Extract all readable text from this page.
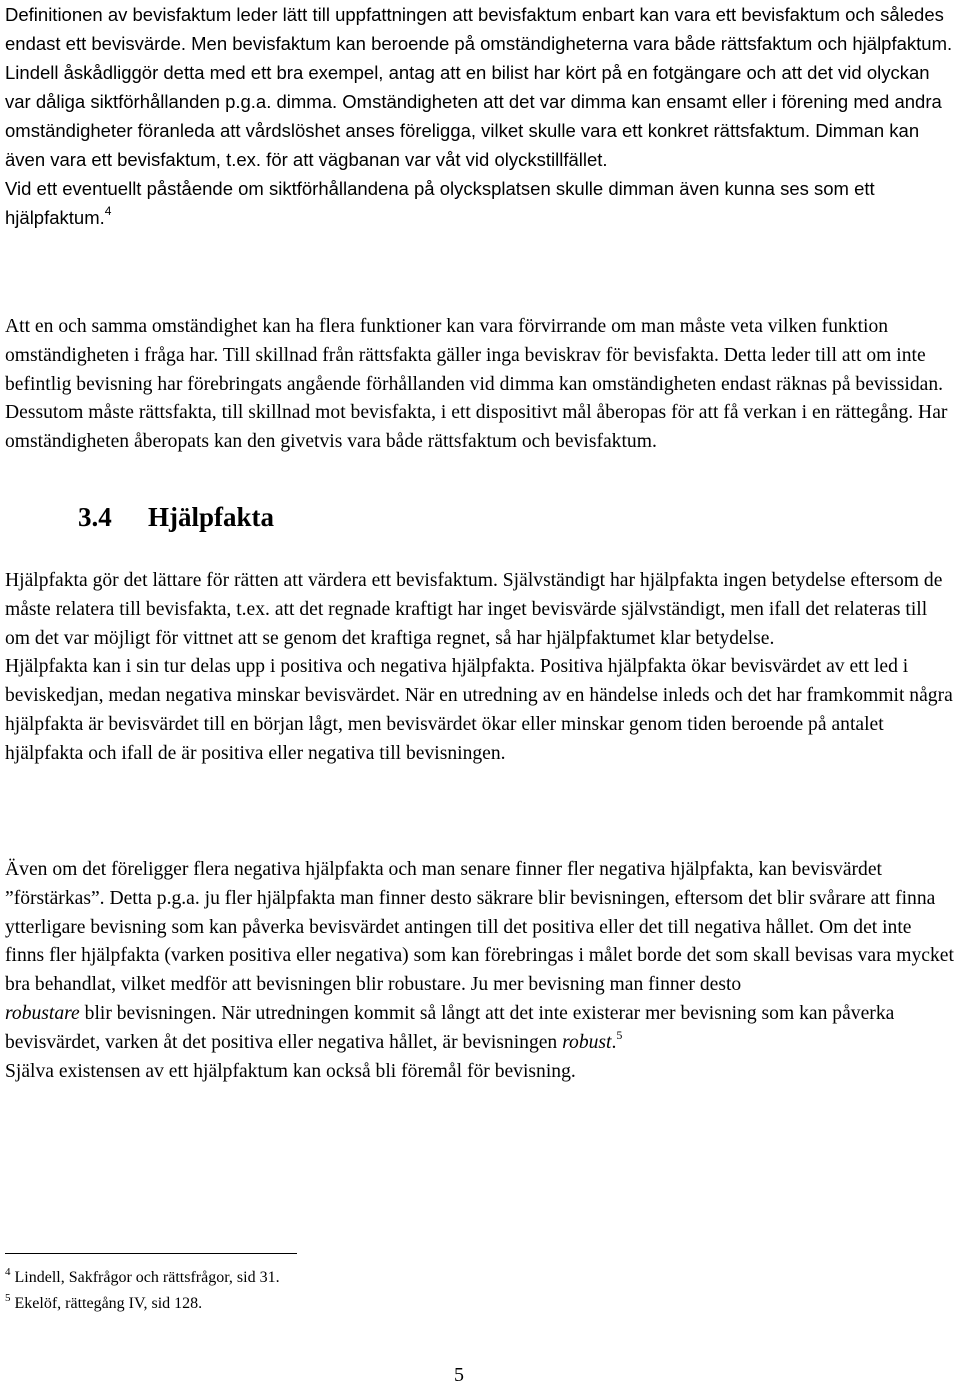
Definitionen av bevisfaktum leder lätt till uppfattningen att bevisfaktum enbart kan vara ett bevisfaktum och således endast ett bevisvärde. Men bevisfaktum kan beroende på omständigheterna vara både rättsfaktum och hjälpfaktum. Lindell åskådliggör detta med ett bra exempel, antag att en bilist har kört på en fotgängare och att det vid olyckan var dåliga siktförhållanden p.g.a. dimma. Omständigheten att det var dimma kan ensamt eller i förening med andra omständigheter föranleda att vårdslöshet anses föreligga, vilket skulle vara ett konkret rättsfaktum. Dimman kan även vara ett bevisfaktum, t.ex. för att vägbanan var våt vid olyckstillfället.
Vid ett eventuellt påstående om siktförhållandena på olycksplatsen skulle dimman även kunna ses som ett hjälpfaktum.$^4$

Att en och samma omständighet kan ha flera funktioner kan vara förvirrande om man måste veta vilken funktion omständigheten i fråga har. Till skillnad från rättsfakta gäller inga beviskrav för bevisfakta. Detta leder till att om inte befintlig bevisning har förebringats angående förhållanden vid dimma kan omständigheten endast räknas på bevissidan. Dessutom måste rättsfakta, till skillnad mot bevisfakta, i ett dispositivt mål åberopas för att få verkan i en rättegång. Har omständigheten åberopats kan den givetvis vara både rättsfaktum och bevisfaktum.

3.4 Hjälpfakta

Hjälpfakta gör det lättare för rätten att värdera ett bevisfaktum. Självständigt har hjälpfakta ingen betydelse eftersom de måste relatera till bevisfakta, t.ex. att det regnade kraftigt har inget bevisvärde självständigt, men ifall det relateras till om det var möjligt för vittnet att se genom det kraftiga regnet, så har hjälpfaktumet klar betydelse.

Hjälpfakta kan i sin tur delas upp i positiva och negativa hjälpfakta. Positiva hjälpfakta ökar bevisvärdet av ett led i beviskedjan, medan negativa minskar bevisvärdet. När en utredning av en händelse inleds och det har framkommit några hjälpfakta är bevisvärdet till en början lågt, men bevisvärdet ökar eller minskar genom tiden beroende på antalet hjälpfakta och ifall de är positiva eller negativa till bevisningen.

Även om det föreligger flera negativa hjälpfakta och man senare finner fler negativa hjälpfakta, kan bevisvärdet ”förstärkas”. Detta p.g.a. ju fler hjälpfakta man finner desto säkrare blir bevisningen, eftersom det blir svårare att finna ytterligare bevisning som kan påverka bevisvärdet antingen till det positiva eller det till negativa hållet. Om det inte finns fler hjälpfakta (varken positiva eller negativa) som kan förebringas i målet borde det som skall bevisas vara mycket bra behandlat, vilket medför att bevisningen blir robustare. Ju mer bevisning man finner desto
robustare blir bevisningen. När utredningen kommit så långt att det inte existerar mer bevisning som kan påverka bevisvärdet, varken åt det positiva eller negativa hållet, är bevisningen robust.$^5$
Själva existensen av ett hjälpfaktum kan också bli föremål för bevisning.

$^4$ Lindell, Sakfrågor och rättsfrågor, sid 31.
$^5$ Ekelöf, rättegång IV, sid 128.
5
